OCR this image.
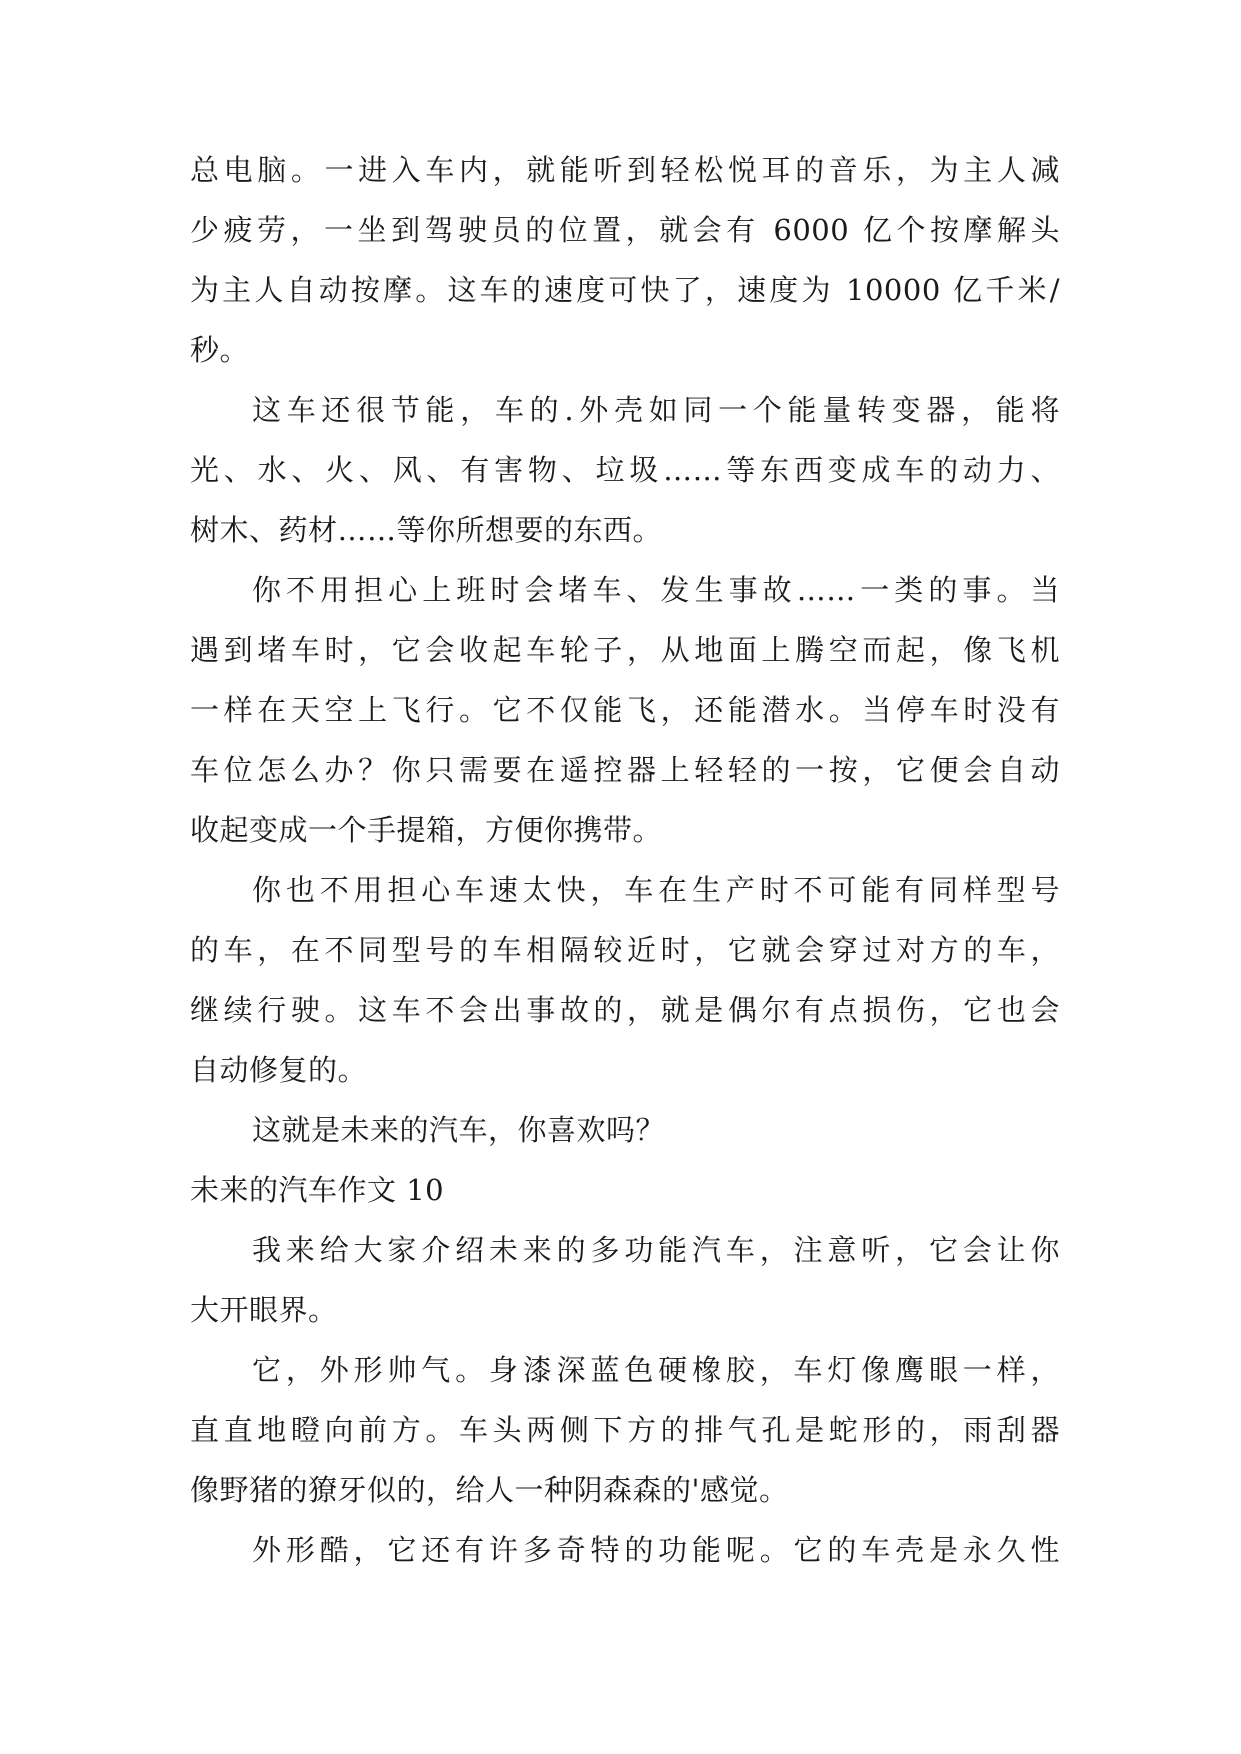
总电脑。一进入车内，就能听到轻松悦耳的音乐，为主人减
少疲劳，一坐到驾驶员的位置，就会有 6000 亿个按摩解头
为主人自动按摩。这车的速度可快了，速度为 10000 亿千米/
秒。
这车还很节能，车的.外壳如同一个能量转变器，能将
光、水、火、风、有害物、垃圾……等东西变成车的动力、
树木、药材……等你所想要的东西。
你不用担心上班时会堵车、发生事故……一类的事。当
遇到堵车时，它会收起车轮子，从地面上腾空而起，像飞机
一样在天空上飞行。它不仅能飞，还能潜水。当停车时没有
车位怎么办？你只需要在遥控器上轻轻的一按，它便会自动
收起变成一个手提箱，方便你携带。
你也不用担心车速太快，车在生产时不可能有同样型号
的车，在不同型号的车相隔较近时，它就会穿过对方的车，
继续行驶。这车不会出事故的，就是偶尔有点损伤，它也会
自动修复的。
这就是未来的汽车，你喜欢吗？
未来的汽车作文 10
我来给大家介绍未来的多功能汽车，注意听，它会让你
大开眼界。
它，外形帅气。身漆深蓝色硬橡胶，车灯像鹰眼一样，
直直地瞪向前方。车头两侧下方的排气孔是蛇形的，雨刮器
像野猪的獠牙似的，给人一种阴森森的'感觉。
外形酷，它还有许多奇特的功能呢。它的车壳是永久性
